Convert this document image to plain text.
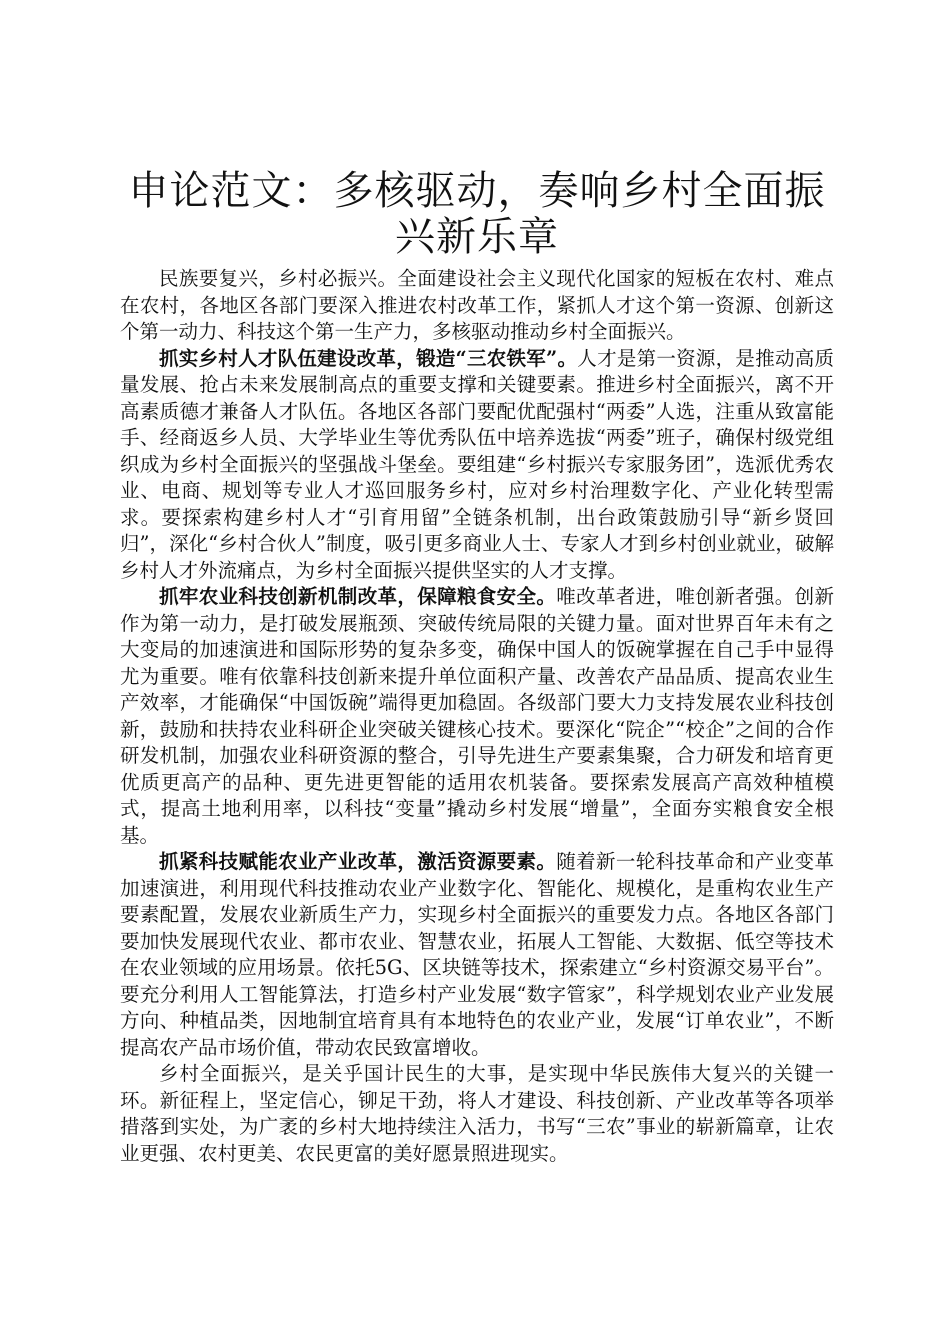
申论范文：多核驱动，奏响乡村全面振兴新乐章

民族要复兴，乡村必振兴。全面建设社会主义现代化国家的短板在农村、难点在农村，各地区各部门要深入推进农村改革工作，紧抓人才这个第一资源、创新这个第一动力、科技这个第一生产力，多核驱动推动乡村全面振兴。

抓实乡村人才队伍建设改革，锻造“三农铁军”。人才是第一资源，是推动高质量发展、抢占未来发展制高点的重要支撑和关键要素。推进乡村全面振兴，离不开高素质德才兼备人才队伍。各地区各部门要配优配强村“两委”人选，注重从致富能手、经商返乡人员、大学毕业生等优秀队伍中培养选拔“两委”班子，确保村级党组织成为乡村全面振兴的坚强战斗堡垒。要组建“乡村振兴专家服务团”，选派优秀农业、电商、规划等专业人才巡回服务乡村，应对乡村治理数字化、产业化转型需求。要探索构建乡村人才“引育用留”全链条机制，出台政策鼓励引导“新乡贤回归”，深化“乡村合伙人”制度，吸引更多商业人士、专家人才到乡村创业就业，破解乡村人才外流痛点，为乡村全面振兴提供坚实的人才支撑。

抓牢农业科技创新机制改革，保障粮食安全。唯改革者进，唯创新者强。创新作为第一动力，是打破发展瓶颈、突破传统局限的关键力量。面对世界百年未有之大变局的加速演进和国际形势的复杂多变，确保中国人的饭碗掌握在自己手中显得尤为重要。唯有依靠科技创新来提升单位面积产量、改善农产品品质、提高农业生产效率，才能确保“中国饭碗”端得更加稳固。各级部门要大力支持发展农业科技创新，鼓励和扶持农业科研企业突破关键核心技术。要深化“院企”“校企”之间的合作研发机制，加强农业科研资源的整合，引导先进生产要素集聚，合力研发和培育更优质更高产的品种、更先进更智能的适用农机装备。要探索发展高产高效种植模式，提高土地利用率，以科技“变量”撬动乡村发展“增量”，全面夯实粮食安全根基。

抓紧科技赋能农业产业改革，激活资源要素。随着新一轮科技革命和产业变革加速演进，利用现代科技推动农业产业数字化、智能化、规模化，是重构农业生产要素配置，发展农业新质生产力，实现乡村全面振兴的重要发力点。各地区各部门要加快发展现代农业、都市农业、智慧农业，拓展人工智能、大数据、低空等技术在农业领域的应用场景。依托5G、区块链等技术，探索建立“乡村资源交易平台”。要充分利用人工智能算法，打造乡村产业发展“数字管家”，科学规划农业产业发展方向、种植品类，因地制宜培育具有本地特色的农业产业，发展“订单农业”，不断提高农产品市场价值，带动农民致富增收。

乡村全面振兴，是关乎国计民生的大事，是实现中华民族伟大复兴的关键一环。新征程上，坚定信心，铆足干劲，将人才建设、科技创新、产业改革等各项举措落到实处，为广袤的乡村大地持续注入活力，书写“三农”事业的崭新篇章，让农业更强、农村更美、农民更富的美好愿景照进现实。
